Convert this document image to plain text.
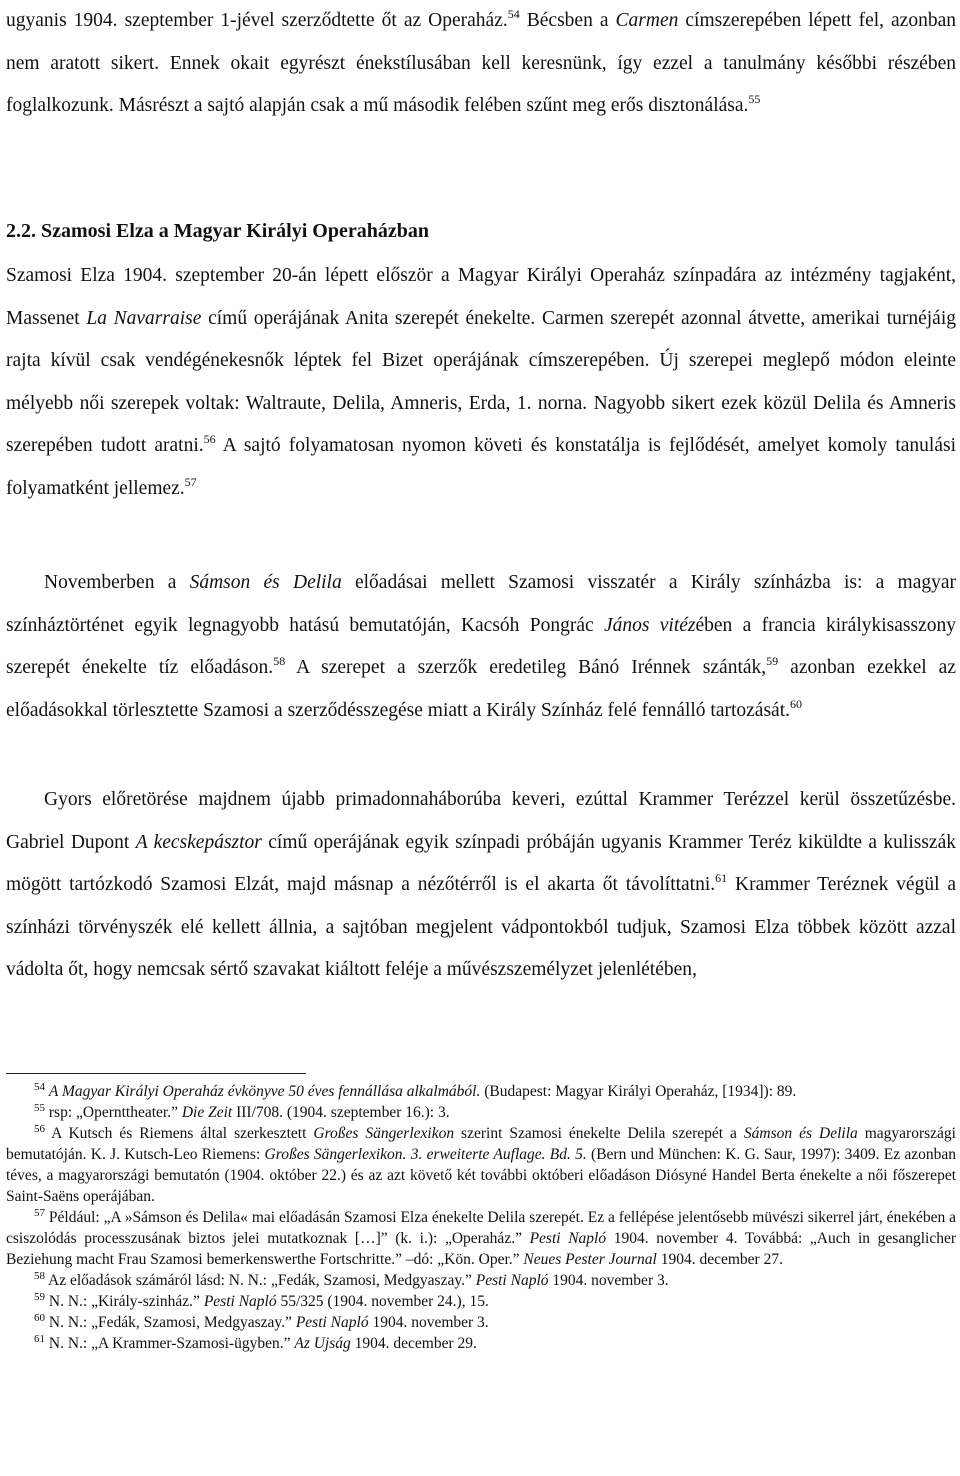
ugyanis 1904. szeptember 1-jével szerződtette őt az Operaház.$^{54}$ Bécsben a Carmen címszerepében lépett fel, azonban nem aratott sikert. Ennek okait egyrészt énekstílusában kell keresnünk, így ezzel a tanulmány későbbi részében foglalkozunk. Másrészt a sajtó alapján csak a mű második felében szűnt meg erős disztonálása.$^{55}$

2.2. Szamosi Elza a Magyar Királyi Operaházban

Szamosi Elza 1904. szeptember 20-án lépett először a Magyar Királyi Operaház színpadára az intézmény tagjaként, Massenet La Navarraise című operájának Anita szerepét énekelte. Carmen szerepét azonnal átvette, amerikai turnéjáig rajta kívül csak vendégénekesnők léptek fel Bizet operájának címszerepében. Új szerepei meglepő módon eleinte mélyebb női szerepek voltak: Waltraute, Delila, Amneris, Erda, 1. norna. Nagyobb sikert ezek közül Delila és Amneris szerepében tudott aratni.$^{56}$ A sajtó folyamatosan nyomon követi és konstatálja is fejlődését, amelyet komoly tanulási folyamatként jellemez.$^{57}$

Novemberben a Sámson és Delila előadásai mellett Szamosi visszatér a Király színházba is: a magyar színháztörténet egyik legnagyobb hatású bemutatóján, Kacsóh Pongrác János vitézében a francia királykisasszony szerepét énekelte tíz előadáson.$^{58}$ A szerepet a szerzők eredetileg Bánó Irénnek szánták,$^{59}$ azonban ezekkel az előadásokkal törlesztette Szamosi a szerződésszegése miatt a Király Színház felé fennálló tartozását.$^{60}$

Gyors előretörése majdnem újabb primadonnaháborúba keveri, ezúttal Krammer Terézzel kerül összetűzésbe. Gabriel Dupont A kecskepásztor című operájának egyik színpadi próbáján ugyanis Krammer Teréz kiküldte a kulisszák mögött tartózkodó Szamosi Elzát, majd másnap a nézőtérről is el akarta őt távolíttatni.$^{61}$ Krammer Teréznek végül a színházi törvényszék elé kellett állnia, a sajtóban megjelent vádpontokból tudjuk, Szamosi Elza többek között azzal vádolta őt, hogy nemcsak sértő szavakat kiáltott feléje a művészszemélyzet jelenlétében,

$^{54}$ A Magyar Királyi Operaház évkönyve 50 éves fennállása alkalmából. (Budapest: Magyar Királyi Operaház, [1934]): 89.

$^{55}$ rsp: „Opernttheater.” Die Zeit III/708. (1904. szeptember 16.): 3.

$^{56}$ A Kutsch és Riemens által szerkesztett Großes Sängerlexikon szerint Szamosi énekelte Delila szerepét a Sámson és Delila magyarországi bemutatóján. K. J. Kutsch-Leo Riemens: Großes Sängerlexikon. 3. erweiterte Auflage. Bd. 5. (Bern und München: K. G. Saur, 1997): 3409. Ez azonban téves, a magyarországi bemutatón (1904. október 22.) és az azt követő két további októberi előadáson Diósyné Handel Berta énekelte a női főszerepet Saint-Saëns operájában.

$^{57}$ Például: „A »Sámson és Delila« mai előadásán Szamosi Elza énekelte Delila szerepét. Ez a fellépése jelentősebb müvészi sikerrel járt, énekében a csiszolódás processzusának biztos jelei mutatkoznak […]” (k. i.): „Operaház.” Pesti Napló 1904. november 4. Továbbá: „Auch in gesanglicher Beziehung macht Frau Szamosi bemerkenswerthe Fortschritte.” –dó: „Kön. Oper.” Neues Pester Journal 1904. december 27.

$^{58}$ Az előadások számáról lásd: N. N.: „Fedák, Szamosi, Medgyaszay.” Pesti Napló 1904. november 3.

$^{59}$ N. N.: „Király-szinház.” Pesti Napló 55/325 (1904. november 24.), 15.

$^{60}$ N. N.: „Fedák, Szamosi, Medgyaszay.” Pesti Napló 1904. november 3.

$^{61}$ N. N.: „A Krammer-Szamosi-ügyben.” Az Ujság 1904. december 29.
